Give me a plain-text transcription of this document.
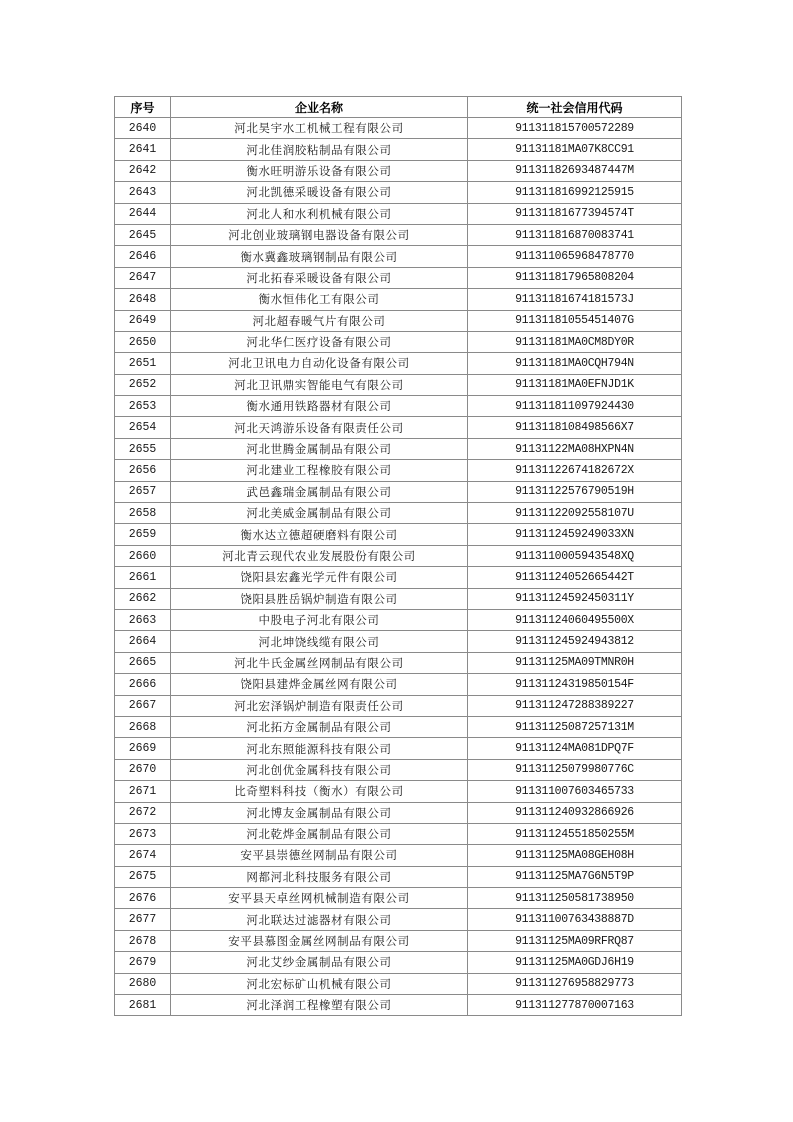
序号	企业名称	统一社会信用代码
2640	河北昊宇水工机械工程有限公司	911311815700572289
2641	河北佳润胶粘制品有限公司	91131181MA07K8CC91
2642	衡水旺明游乐设备有限公司	91131182693487447M
2643	河北凯德采暖设备有限公司	911311816992125915
2644	河北人和水利机械有限公司	91131181677394574T
2645	河北创业玻璃钢电器设备有限公司	911311816870083741
2646	衡水冀鑫玻璃钢制品有限公司	911311065968478770
2647	河北拓春采暖设备有限公司	911311817965808204
2648	衡水恒伟化工有限公司	91131181674181573J
2649	河北超春暖气片有限公司	91131181055451407G
2650	河北华仁医疗设备有限公司	91131181MA0CM8DY0R
2651	河北卫讯电力自动化设备有限公司	91131181MA0CQH794N
2652	河北卫讯鼎实智能电气有限公司	91131181MA0EFNJD1K
2653	衡水通用铁路器材有限公司	911311811097924430
2654	河北天鸿游乐设备有限责任公司	9113118108498566X7
2655	河北世腾金属制品有限公司	91131122MA08HXPN4N
2656	河北建业工程橡胶有限公司	91131122674182672X
2657	武邑鑫瑞金属制品有限公司	91131122576790519H
2658	河北美威金属制品有限公司	91131122092558107U
2659	衡水达立德超硬磨料有限公司	9113112459249033XN
2660	河北青云现代农业发展股份有限公司	9113110005943548XQ
2661	饶阳县宏鑫光学元件有限公司	91131124052665442T
2662	饶阳县胜岳锅炉制造有限公司	91131124592450311Y
2663	中股电子河北有限公司	91131124060495500X
2664	河北坤饶线缆有限公司	911311245924943812
2665	河北牛氏金属丝网制品有限公司	91131125MA09TMNR0H
2666	饶阳县建烨金属丝网有限公司	91131124319850154F
2667	河北宏泽锅炉制造有限责任公司	911311247288389227
2668	河北拓方金属制品有限公司	91131125087257131M
2669	河北东照能源科技有限公司	91131124MA081DPQ7F
2670	河北创优金属科技有限公司	91131125079980776C
2671	比奇塑料科技（衡水）有限公司	911311007603465733
2672	河北博友金属制品有限公司	911311240932866926
2673	河北乾烨金属制品有限公司	91131124551850255M
2674	安平县崇德丝网制品有限公司	91131125MA08GEH08H
2675	网都河北科技服务有限公司	91131125MA7G6N5T9P
2676	安平县天卓丝网机械制造有限公司	911311250581738950
2677	河北联达过滤器材有限公司	91131100763438887D
2678	安平县慕图金属丝网制品有限公司	91131125MA09RFRQ87
2679	河北艾纱金属制品有限公司	91131125MA0GDJ6H19
2680	河北宏标矿山机械有限公司	911311276958829773
2681	河北泽润工程橡塑有限公司	911311277870007163
